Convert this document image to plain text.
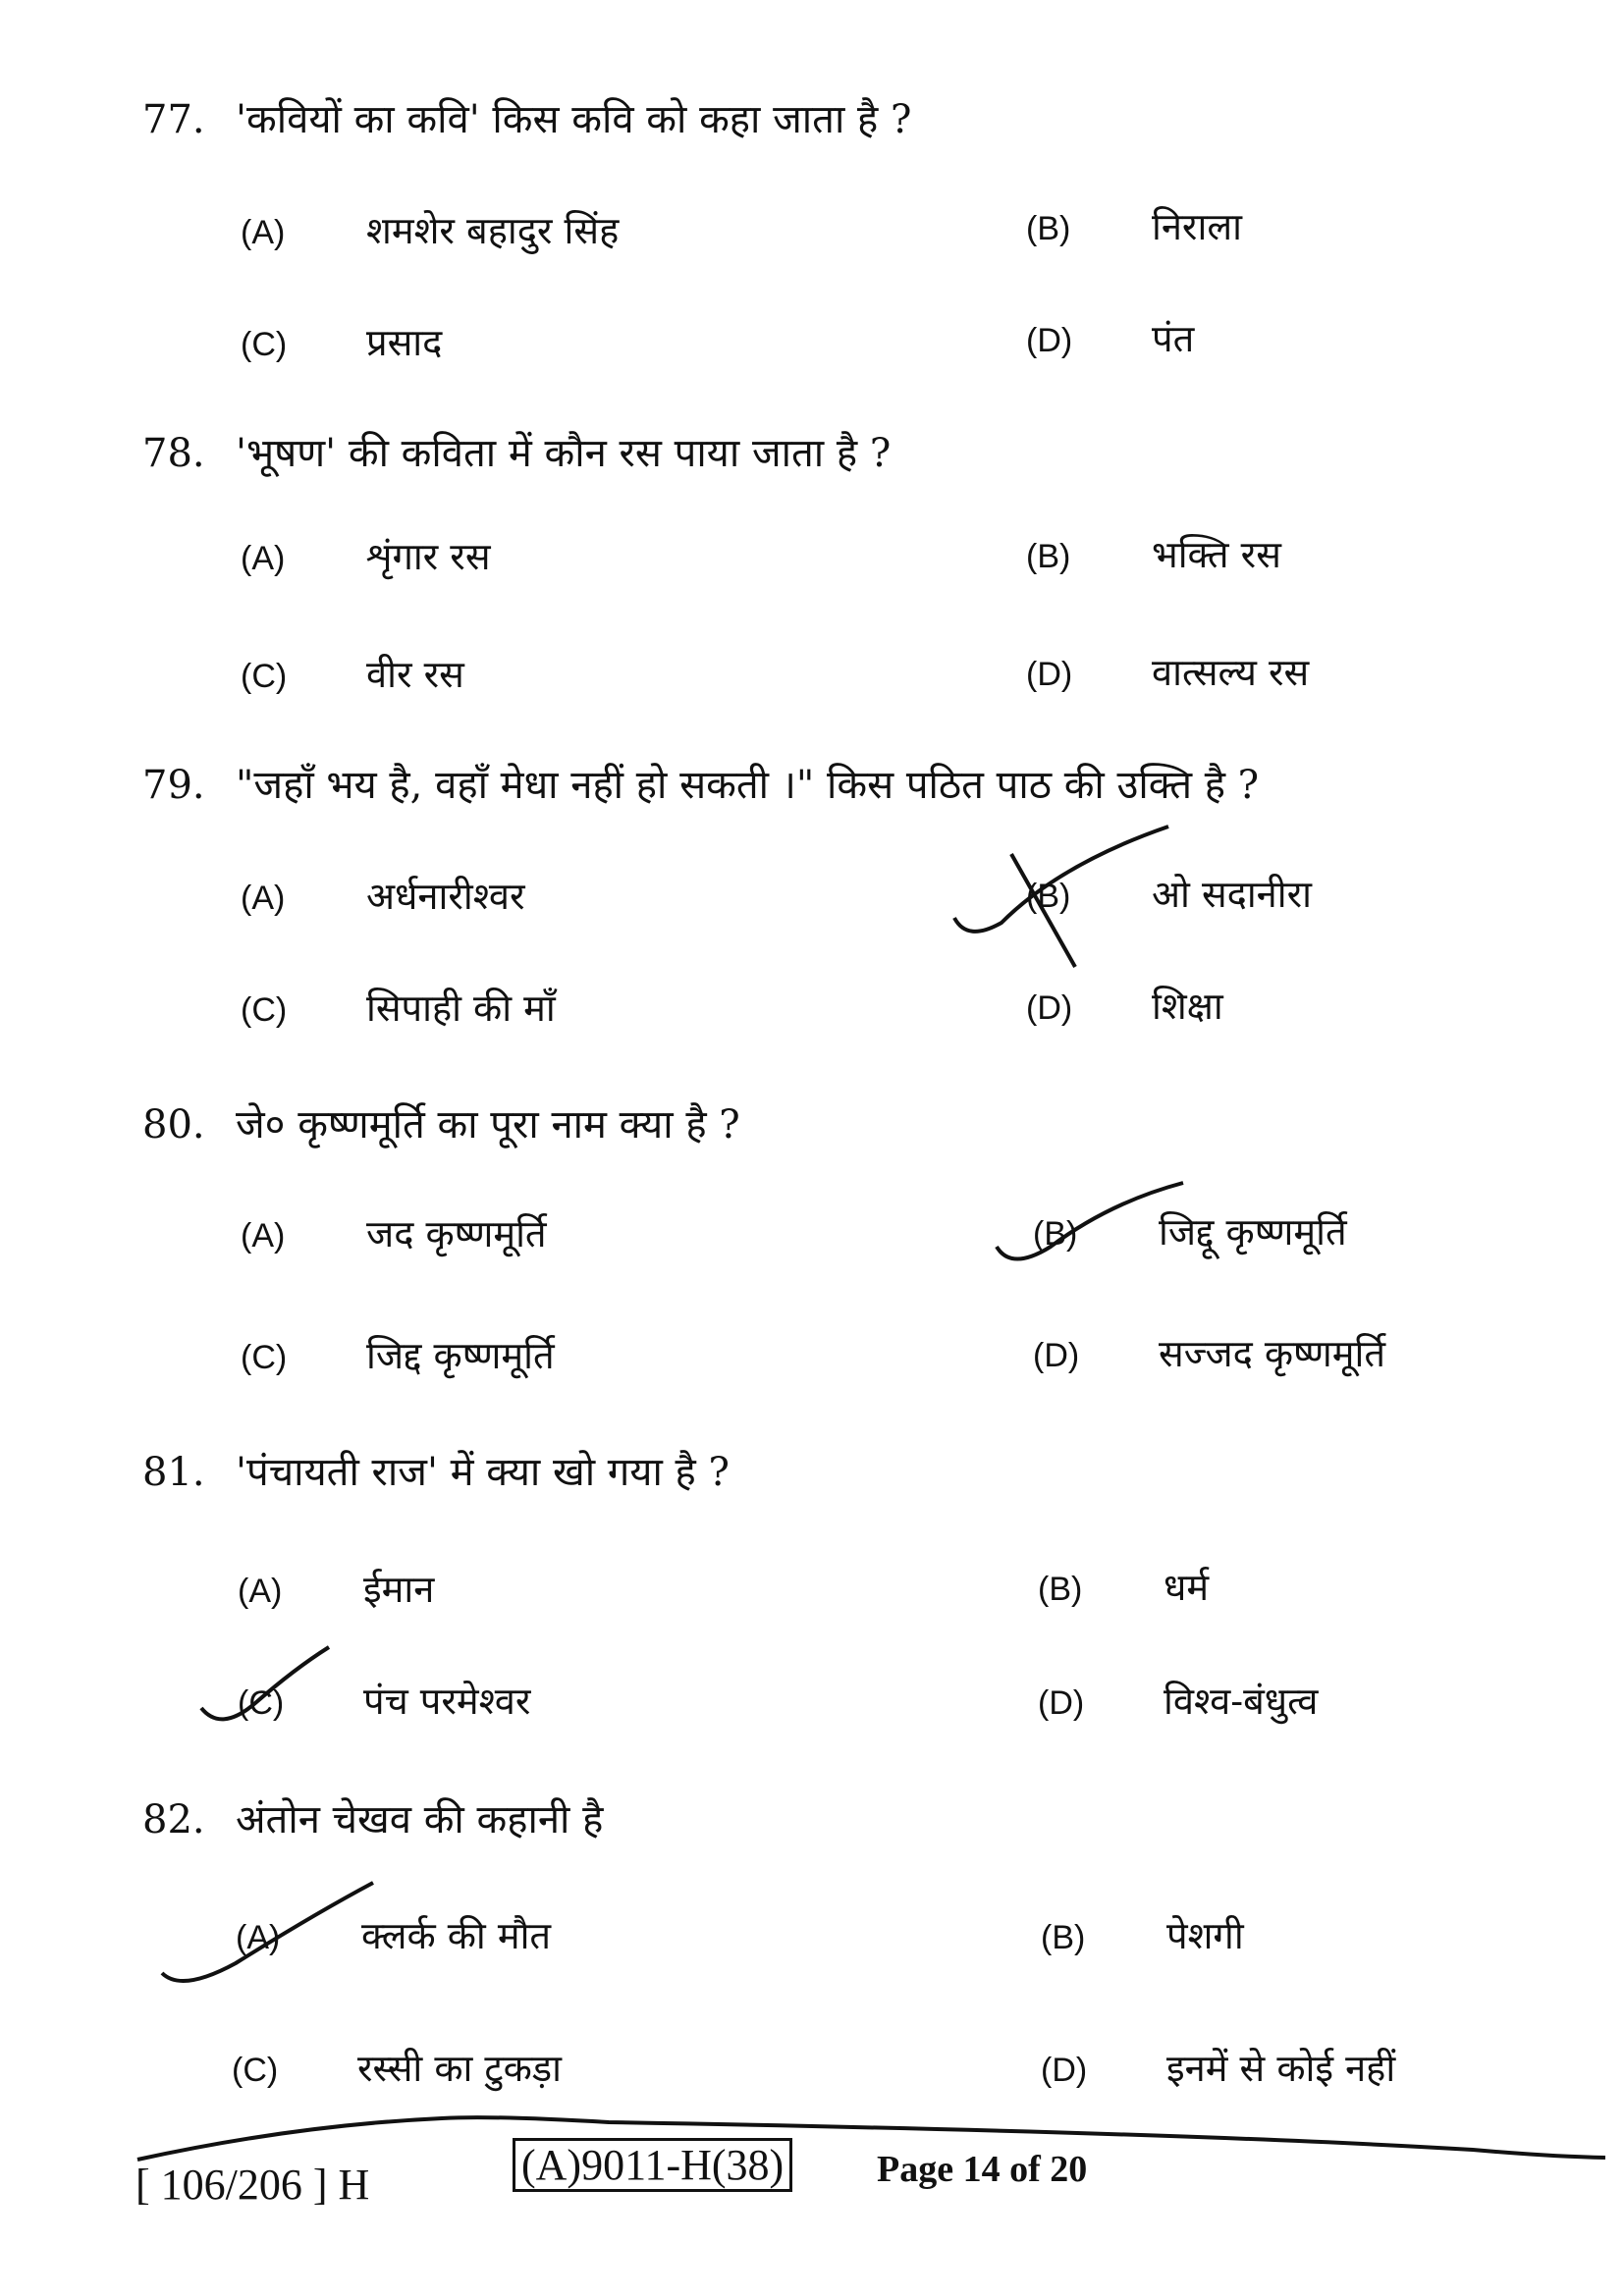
77. 'कवियों का कवि' किस कवि को कहा जाता है ?
(A) शमशेर बहादुर सिंह	(B) निराला
(C) प्रसाद	(D) पंत
78. 'भूषण' की कविता में कौन रस पाया जाता है ?
(A) शृंगार रस	(B) भक्ति रस
(C) वीर रस	(D) वात्सल्य रस
79. "जहाँ भय है, वहाँ मेधा नहीं हो सकती ।" किस पठित पाठ की उक्ति है ?
(A) अर्धनारीश्वर	(B) ओ सदानीरा
(C) सिपाही की माँ	(D) शिक्षा
80. जे० कृष्णमूर्ति का पूरा नाम क्या है ?
(A) जद कृष्णमूर्ति	(B) जिद्दू कृष्णमूर्ति
(C) जिद्द कृष्णमूर्ति	(D) सज्जद कृष्णमूर्ति
81. 'पंचायती राज' में क्या खो गया है ?
(A) ईमान	(B) धर्म
(C) पंच परमेश्वर	(D) विश्व-बंधुत्व
82. अंतोन चेखव की कहानी है
(A) क्लर्क की मौत	(B) पेशगी
(C) रस्सी का टुकड़ा	(D) इनमें से कोई नहीं
[ 106/206 ] H	(A)9011-H(38) Page 14 of 20
